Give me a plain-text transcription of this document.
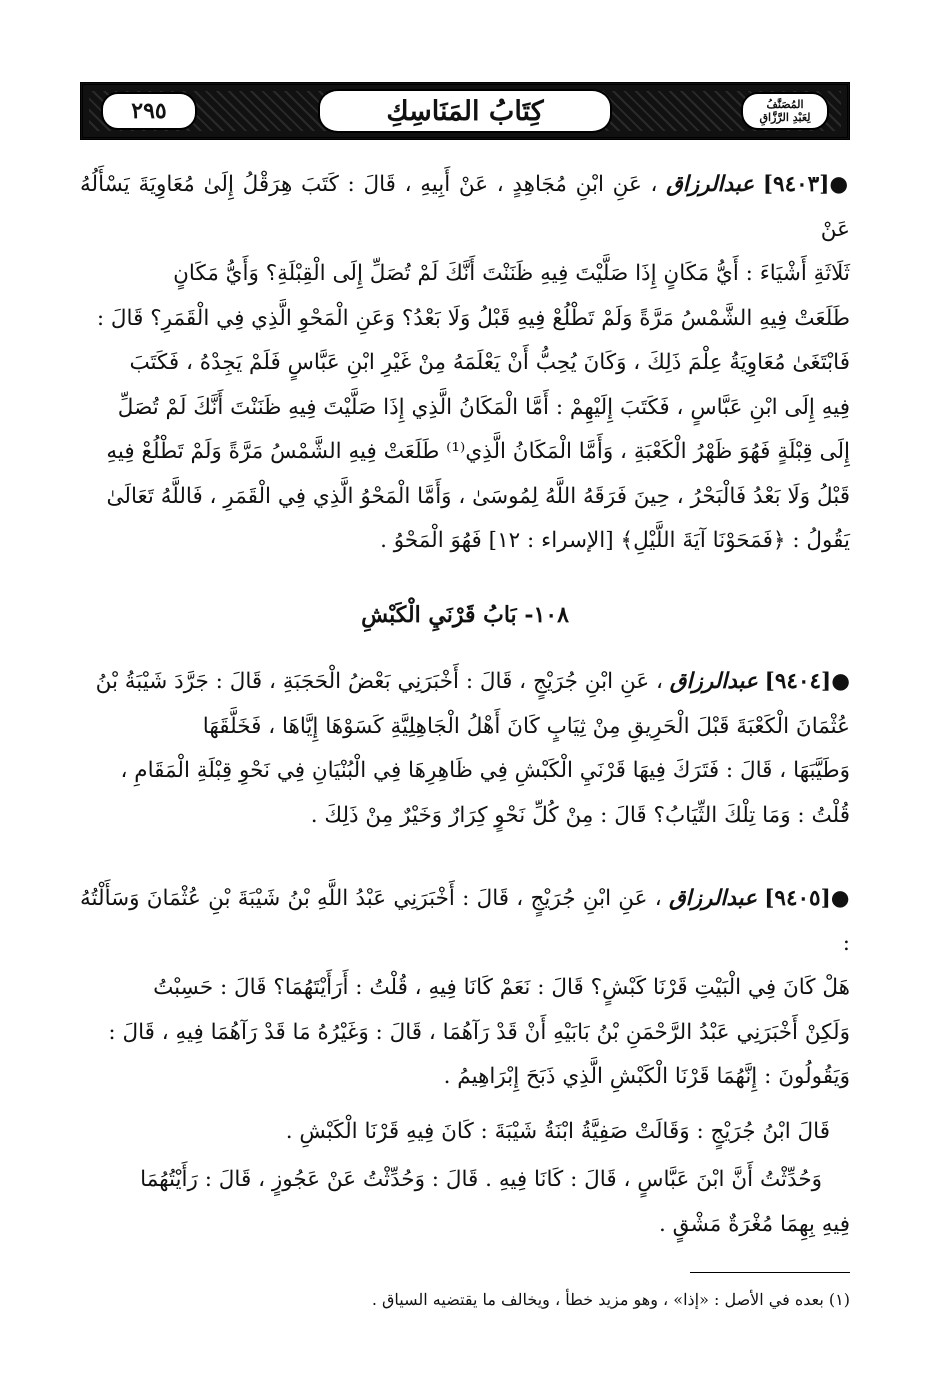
٢٩٥	كِتَابُ المَنَاسِكِ	المُصَنَّفُ
لِعَبْدِ الرَّزَّاقِ
●[٩٤٠٣] عبدالرزاق ، عَنِ ابْنِ مُجَاهِدٍ ، عَنْ أَبِيهِ ، قَالَ : كَتَبَ هِرَقْلُ إِلَىٰ مُعَاوِيَةَ يَسْأَلُهُ عَنْ
ثَلَاثَةِ أَشْيَاءَ : أَيُّ مَكَانٍ إِذَا صَلَّيْتَ فِيهِ ظَنَنْتَ أَنَّكَ لَمْ تُصَلِّ إِلَى الْقِبْلَةِ؟ وَأَيُّ مَكَانٍ
طَلَعَتْ فِيهِ الشَّمْسُ مَرَّةً وَلَمْ تَطْلُعْ فِيهِ قَبْلُ وَلَا بَعْدُ؟ وَعَنِ الْمَحْوِ الَّذِي فِي الْقَمَرِ؟ قَالَ :
فَابْتَغَىٰ مُعَاوِيَةُ عِلْمَ ذَلِكَ ، وَكَانَ يُحِبُّ أَنْ يَعْلَمَهُ مِنْ غَيْرِ ابْنِ عَبَّاسٍ فَلَمْ يَجِدْهُ ، فَكَتَبَ
فِيهِ إِلَى ابْنِ عَبَّاسٍ ، فَكَتَبَ إِلَيْهِمْ : أَمَّا الْمَكَانُ الَّذِي إِذَا صَلَّيْتَ فِيهِ ظَنَنْتَ أَنَّكَ لَمْ تُصَلِّ
إِلَى قِبْلَةٍ فَهُوَ ظَهْرُ الْكَعْبَةِ ، وَأَمَّا الْمَكَانُ الَّذِي⁽¹⁾ طَلَعَتْ فِيهِ الشَّمْسُ مَرَّةً وَلَمْ تَطْلُعْ فِيهِ
قَبْلُ وَلَا بَعْدُ فَالْبَحْرُ ، حِينَ فَرَقَهُ اللَّهُ لِمُوسَىٰ ، وَأَمَّا الْمَحْوُ الَّذِي فِي الْقَمَرِ ، فَاللَّهُ تَعَالَىٰ
يَقُولُ : ﴿فَمَحَوْنَا آيَةَ اللَّيْلِ﴾ [الإسراء : ١٢] فَهُوَ الْمَحْوُ .
١٠٨- بَابُ قَرْنَيِ الْكَبْشِ
●[٩٤٠٤] عبدالرزاق ، عَنِ ابْنِ جُرَيْجٍ ، قَالَ : أَخْبَرَنِي بَعْضُ الْحَجَبَةِ ، قَالَ : جَرَّدَ شَيْبَةُ بْنُ
عُثْمَانَ الْكَعْبَةَ قَبْلَ الْحَرِيقِ مِنْ ثِيَابٍ كَانَ أَهْلُ الْجَاهِلِيَّةِ كَسَوْهَا إِيَّاهَا ، فَخَلَّقَهَا
وَطَيَّبَهَا ، قَالَ : فَتَرَكَ فِيهَا قَرْنَيِ الْكَبْشِ فِي ظَاهِرِهَا فِي الْبُنْيَانِ فِي نَحْوِ قِبْلَةِ الْمَقَامِ ،
قُلْتُ : وَمَا تِلْكَ الثِّيَابُ؟ قَالَ : مِنْ كُلِّ نَحْوٍ كِرَارٌ وَخَيْرٌ مِنْ ذَلِكَ .
●[٩٤٠٥] عبدالرزاق ، عَنِ ابْنِ جُرَيْجٍ ، قَالَ : أَخْبَرَنِي عَبْدُ اللَّهِ بْنُ شَيْبَةَ بْنِ عُثْمَانَ وَسَأَلْتُهُ :
هَلْ كَانَ فِي الْبَيْتِ قَرْنَا كَبْشٍ؟ قَالَ : نَعَمْ كَانَا فِيهِ ، قُلْتُ : أَرَأَيْتَهُمَا؟ قَالَ : حَسِبْتُ
وَلَكِنْ أَخْبَرَنِي عَبْدُ الرَّحْمَنِ بْنُ بَابَيْهِ أَنْ قَدْ رَآهُمَا ، قَالَ : وَغَيْرُهُ مَا قَدْ رَآهُمَا فِيهِ ، قَالَ :
وَيَقُولُونَ : إِنَّهُمَا قَرْنَا الْكَبْشِ الَّذِي ذَبَحَ إِبْرَاهِيمُ .
قَالَ ابْنُ جُرَيْجٍ : وَقَالَتْ صَفِيَّةُ ابْنَةُ شَيْبَةَ : كَانَ فِيهِ قَرْنَا الْكَبْشِ .
وَحُدِّثْتُ أَنَّ ابْنَ عَبَّاسٍ ، قَالَ : كَانَا فِيهِ . قَالَ : وَحُدِّثْتُ عَنْ عَجُوزٍ ، قَالَ : رَأَيْتُهُمَا
فِيهِ بِهِمَا مُغْرَةٌ مَشْقٍ .
(١) بعده في الأصل : «إذا» ، وهو مزيد خطأ ، ويخالف ما يقتضيه السياق .
